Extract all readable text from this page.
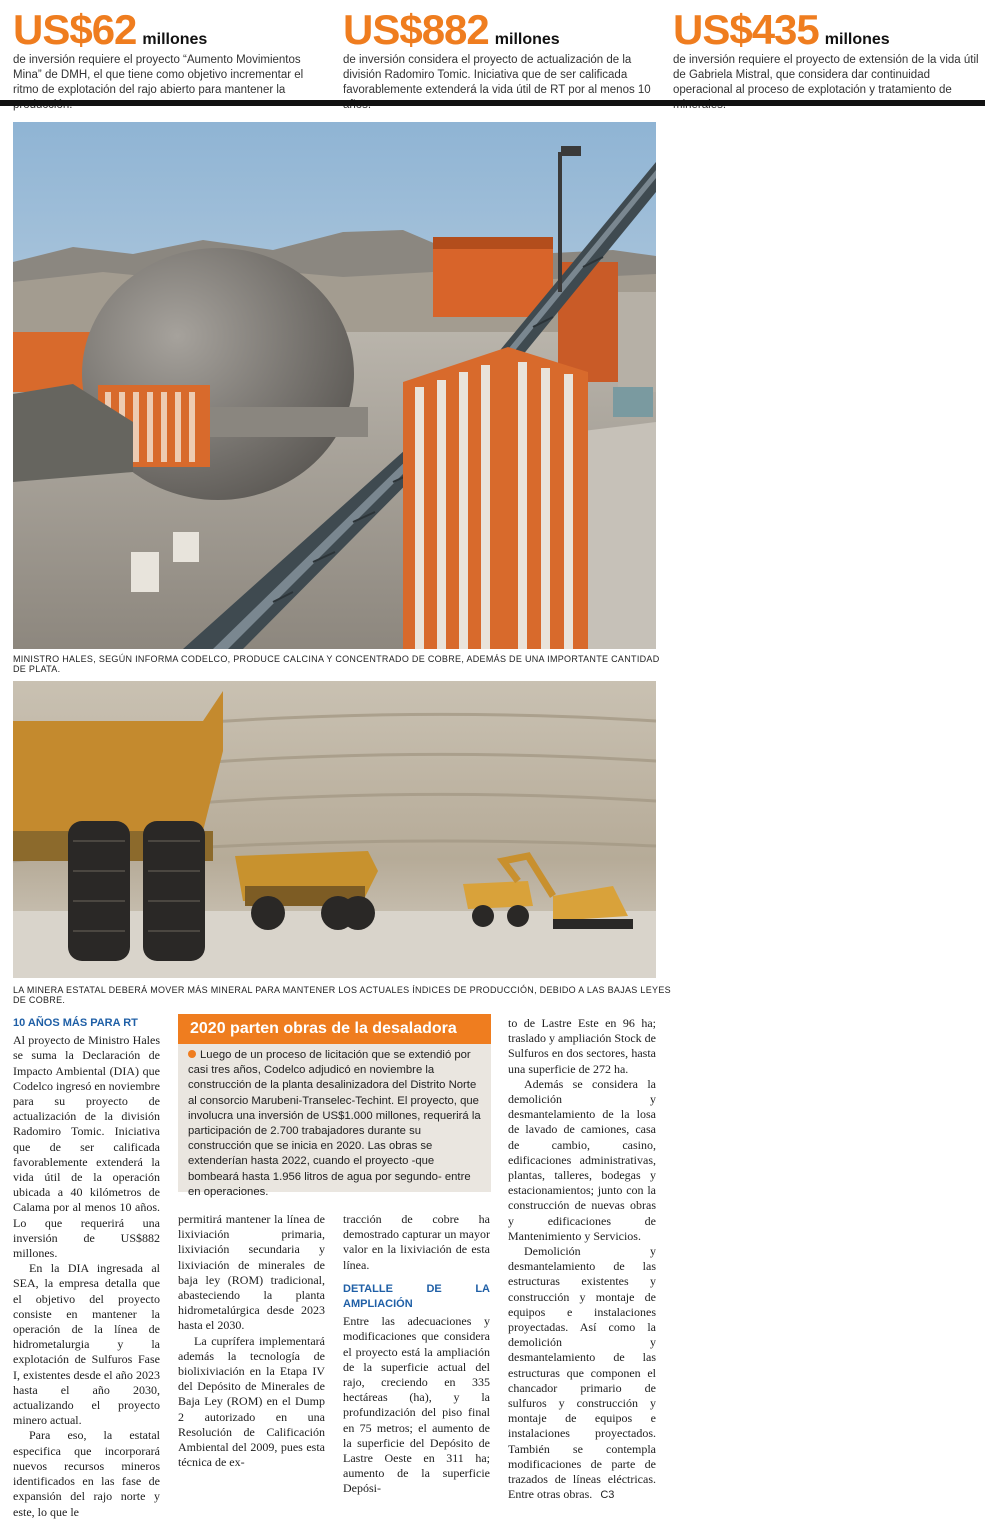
US$62 millones
de inversión requiere el proyecto “Aumento Movimientos Mina” de DMH, el que tiene como objetivo incrementar el ritmo de explotación del rajo abierto para mantener la
US$882 millones
de inversión considera el proyecto de actualización de la división Radomiro Tomic. Iniciativa que de ser calificada favorablemente extenderá la vida útil de RT por al menos 10
US$435 millones
de inversión requiere el proyecto de extensión de la vida útil de Gabriela Mistral, que considera dar continuidad operacional al proceso de explotación y tratamiento de
MINISTRO HALES, SEGÚN INFORMA CODELCO, PRODUCE CALCINA Y CONCENTRADO DE COBRE, ADEMÁS DE UNA IMPORTANTE CANTIDAD DE PLATA.
LA MINERA ESTATAL DEBERÁ MOVER MÁS MINERAL PARA MANTENER LOS ACTUALES ÍNDICES DE PRODUCCIÓN, DEBIDO A LAS BAJAS LEYES DE COBRE.
10 AÑOS MÁS PARA RT

Al proyecto de Ministro Hales se suma la Declaración de Impacto Ambiental (DIA) que Codelco ingresó en noviembre para su proyecto de actualización de la división Radomiro Tomic. Iniciativa que de ser calificada favorablemente extenderá la vida útil de la operación ubicada a 40 kilómetros de Calama por al menos 10 años. Lo que requerirá una inversión de US$882 millones.

En la DIA ingresada al SEA, la empresa detalla que el objetivo del proyecto consiste en mantener la operación de la línea de hidrometalurgia y la explotación de Sulfuros Fase I, existentes desde el año 2023 hasta el año 2030, actualizando el proyecto minero actual.

Para eso, la estatal especifica que incorporará nuevos recursos mineros identificados en las fase de expansión del rajo norte y este, lo que le

2020 parten obras de la desaladora
Luego de un proceso de licitación que se extendió por casi tres años, Codelco adjudicó en noviembre la construcción de la planta desalinizadora del Distrito Norte al consorcio Marubeni-Transelec-Techint. El proyecto, que involucra una inversión de US$1.000 millones, requerirá la participación de 2.700 trabajadores durante su construcción que se inicia en 2020. Las obras se extenderían hasta 2022, cuando el proyecto -que bombeará hasta 1.956 litros de agua por segundo- entre en operaciones.

permitirá mantener la línea de lixiviación primaria, lixiviación secundaria y lixiviación de minerales de baja ley (ROM) tradicional, abasteciendo la planta hidrometalúrgica desde 2023 hasta el 2030.

La cuprífera implementará además la tecnología de biolixiviación en la Etapa IV del Depósito de Minerales de Baja Ley (ROM) en el Dump 2 autorizado en una Resolución de Calificación Ambiental del 2009, pues esta técnica de ex-

tracción de cobre ha demostrado capturar un mayor valor en la lixiviación de esta línea.

DETALLE DE LA AMPLIACIÓN

Entre las adecuaciones y modificaciones que considera el proyecto está la ampliación de la superficie actual del rajo, creciendo en 335 hectáreas (ha), y la profundización del piso final en 75 metros; el aumento de la superficie del Depósito de Lastre Oeste en 311 ha; aumento de la superficie Depósi-

to de Lastre Este en 96 ha; traslado y ampliación Stock de Sulfuros en dos sectores, hasta una superficie de 272 ha.

Además se considera la demolición y desmantelamiento de la losa de lavado de camiones, casa de cambio, casino, edificaciones administrativas, plantas, talleres, bodegas y estacionamientos; junto con la construcción de nuevas obras y edificaciones de Mantenimiento y Servicios.

Demolición y desmantelamiento de las estructuras existentes y construcción y montaje de equipos e instalaciones proyectadas. Así como la demolición y desmantelamiento de las estructuras que componen el chancador primario de sulfuros y construcción y montaje de equipos e instalaciones proyectados. También se contempla modificaciones de parte de trazados de líneas eléctricas. Entre otras obras. C3
